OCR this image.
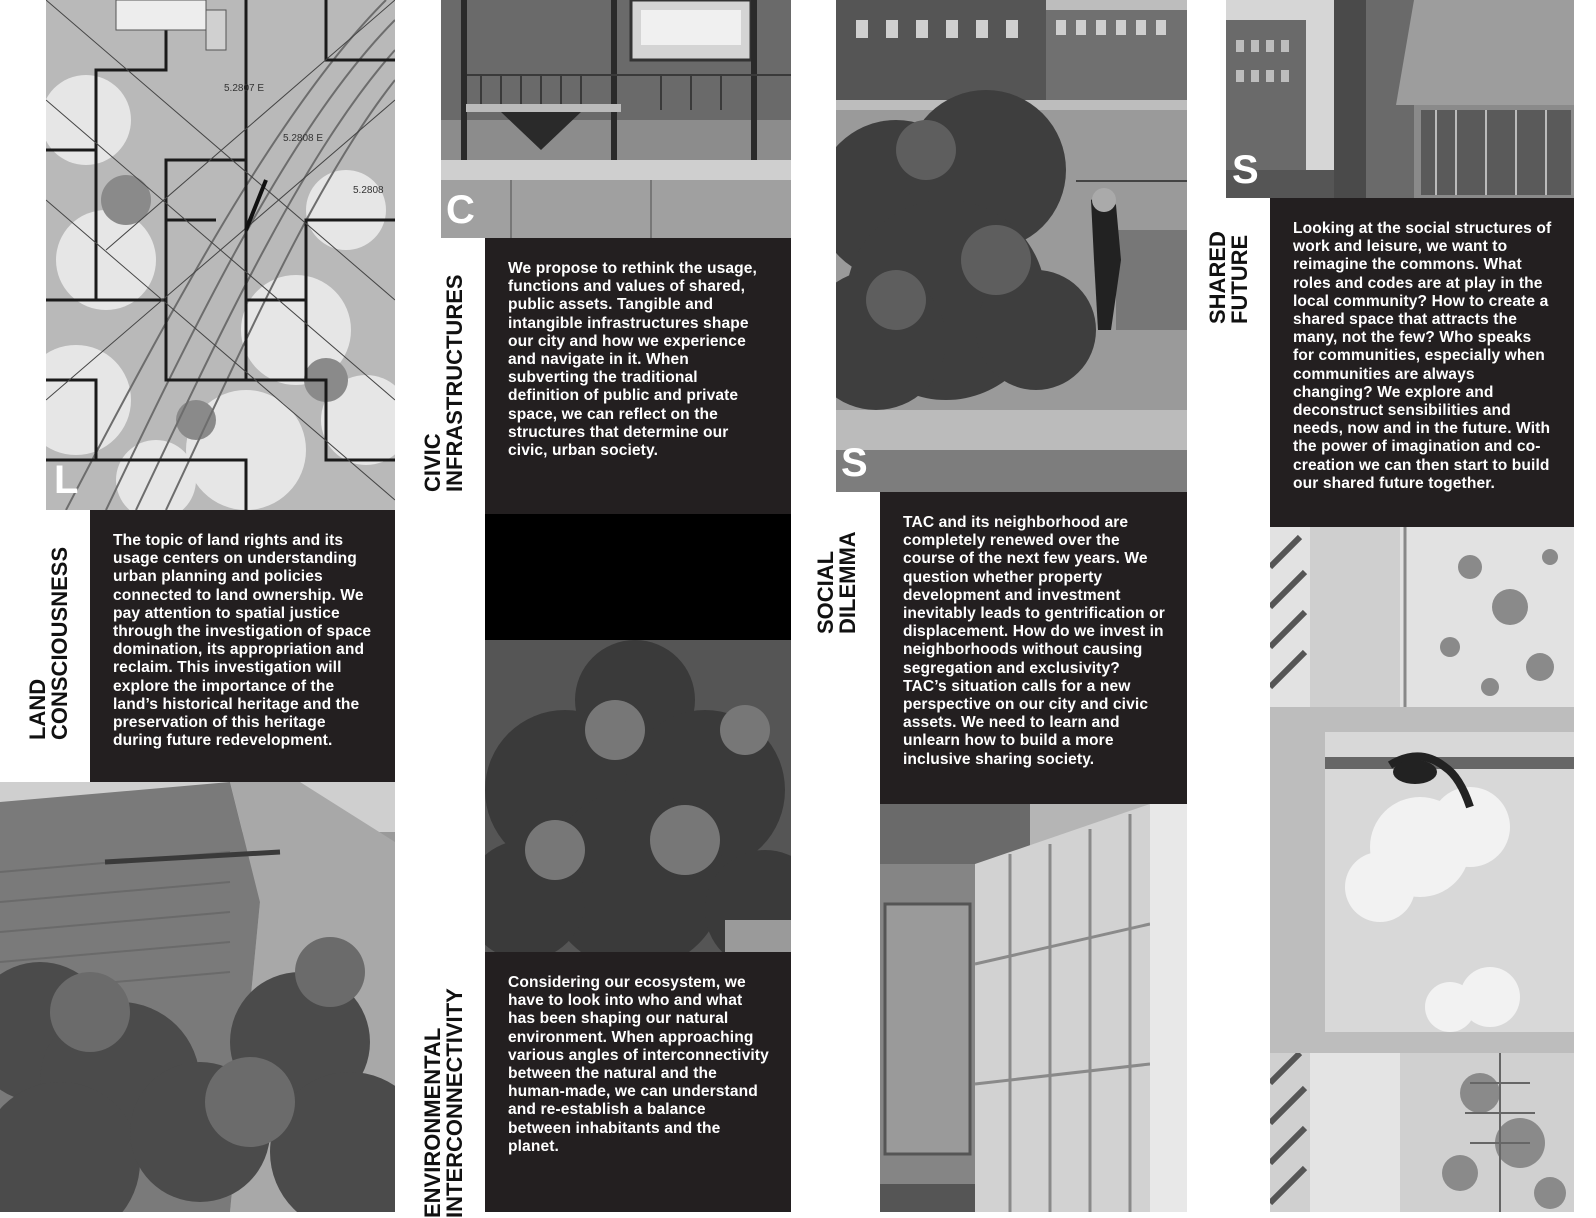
5.2807 E
5.2808 E
5.2808
L
LAND
CONSCIOUSNESS
The topic of land rights and its usage centers on understanding urban planning and policies connected to land ownership. We pay attention to spatial justice through the investigation of space domination, its appropriation and reclaim. This investigation will explore the importance of the land’s historical heritage and the preservation of this heritage during future redevelopment.
C
CIVIC
INFRASTRUCTURES
We propose to rethink the usage, functions and values of shared, public assets. Tangible and intangible infrastructures shape our city and how we experience and navigate in it. When subverting the traditional definition of public and private space, we can reflect on the structures that determine our civic, urban society.
ENVIRONMENTAL
INTERCONNECTIVITY
Considering our ecosystem, we have to look into who and what has been shaping our natural environment. When approaching various angles of interconnectivity between the natural and the human-made, we can understand and re-establish a balance between inhabitants and the planet.
S
SOCIAL
DILEMMA
TAC and its neighborhood are completely renewed over the course of the next few years. We question whether property development and investment inevitably leads to gentrification or displacement. How do we invest in neighborhoods without causing segregation and exclusivity? TAC’s situation calls for a new perspective on our city and civic assets. We need to learn and unlearn how to build a more inclusive sharing society.
S
SHARED
FUTURE
Looking at the social structures of work and leisure, we want to reimagine the commons. What roles and codes are at play in the local community? How to create a shared space that attracts the many, not the few? Who speaks for communities, especially when communities are always changing? We explore and deconstruct sensibilities and needs, now and in the future. With the power of imagination and co-creation we can then start to build our shared future together.
